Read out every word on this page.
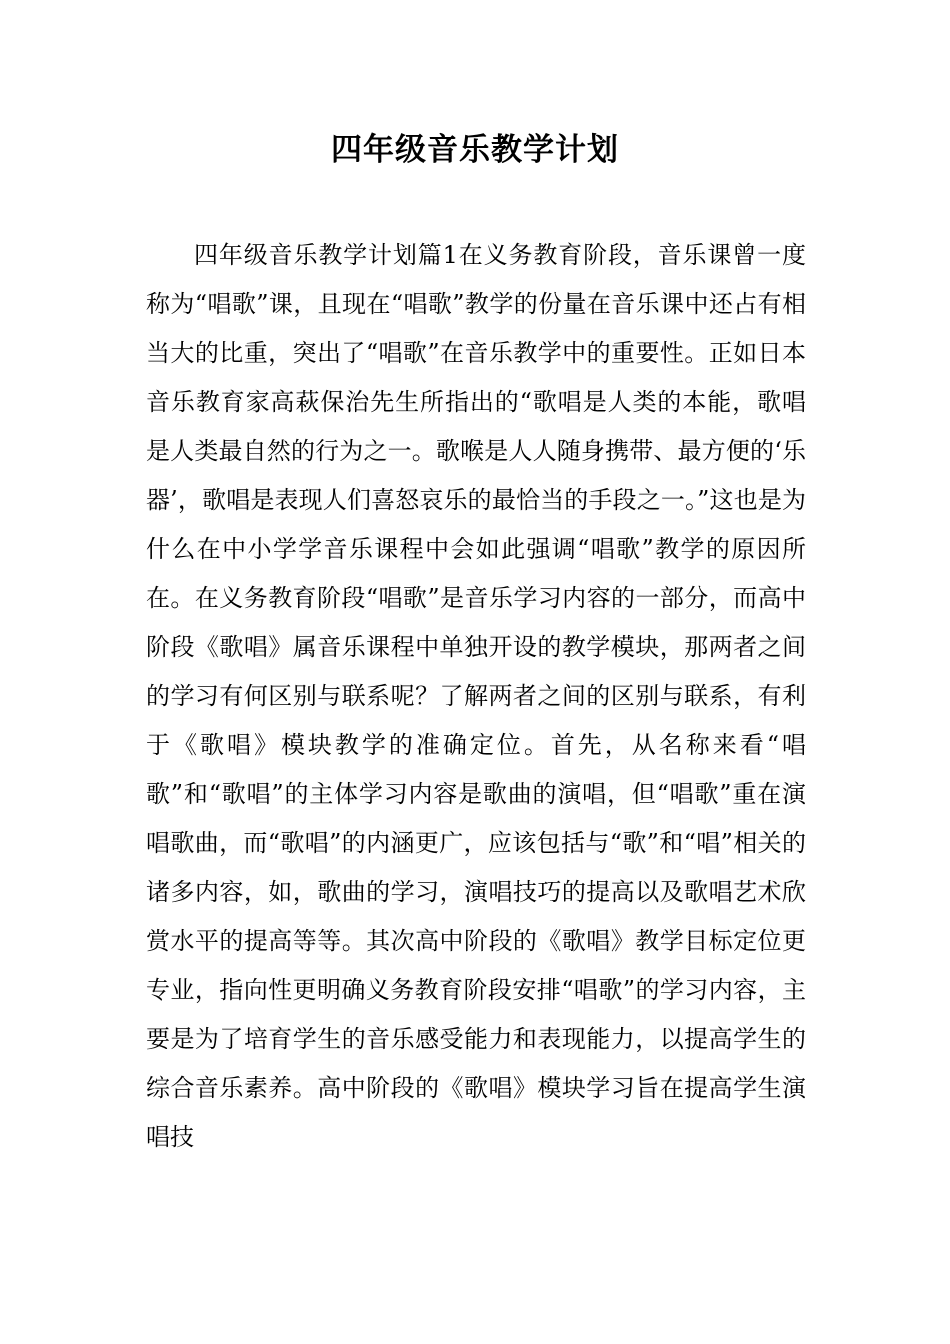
四年级音乐教学计划

四年级音乐教学计划篇1在义务教育阶段，音乐课曾一度称为“唱歌”课，且现在“唱歌”教学的份量在音乐课中还占有相当大的比重，突出了“唱歌”在音乐教学中的重要性。正如日本音乐教育家高萩保治先生所指出的“歌唱是人类的本能，歌唱是人类最自然的行为之一。歌喉是人人随身携带、最方便的‘乐器’，歌唱是表现人们喜怒哀乐的最恰当的手段之一。”这也是为什么在中小学学音乐课程中会如此强调“唱歌”教学的原因所在。在义务教育阶段“唱歌”是音乐学习内容的一部分，而高中阶段《歌唱》属音乐课程中单独开设的教学模块，那两者之间的学习有何区别与联系呢？了解两者之间的区别与联系，有利于《歌唱》模块教学的准确定位。首先，从名称来看“唱歌”和“歌唱”的主体学习内容是歌曲的演唱，但“唱歌”重在演唱歌曲，而“歌唱”的内涵更广，应该包括与“歌”和“唱”相关的诸多内容，如，歌曲的学习，演唱技巧的提高以及歌唱艺术欣赏水平的提高等等。其次高中阶段的《歌唱》教学目标定位更专业，指向性更明确义务教育阶段安排“唱歌”的学习内容，主要是为了培育学生的音乐感受能力和表现能力，以提高学生的综合音乐素养。高中阶段的《歌唱》模块学习旨在提高学生演唱技
